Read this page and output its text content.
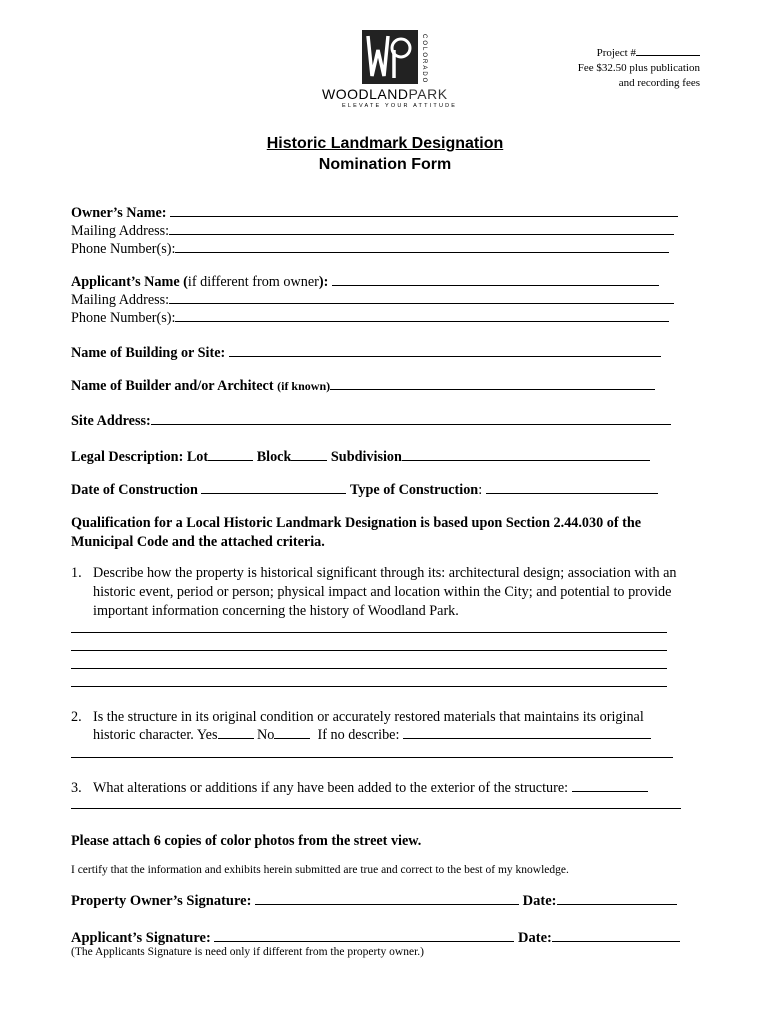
COLORADO
WOODLANDPARK
ELEVATE YOUR ATTITUDE
Project #
Fee $32.50 plus publication
and recording fees
Historic Landmark Designation
Nomination Form
Owner’s Name:
Mailing Address:
Phone Number(s):
Applicant’s Name (if different from owner):
Mailing Address:
Phone Number(s):
Name of Building or Site:
Name of Builder and/or Architect (if known)
Site Address:
Legal Description: Lot	Block	Subdivision
Date of Construction	Type of Construction:
Qualification for a Local Historic Landmark Designation is based upon Section 2.44.030 of the Municipal Code and the attached criteria.
1. Describe how the property is historical significant through its: architectural design; association with an historic event, period or person; physical impact and location within the City; and potential to provide important information concerning the history of Woodland Park.
2. Is the structure in its original condition or accurately restored materials that maintains its original
historic character. Yes	No	If no describe:
3. What alterations or additions if any have been added to the exterior of the structure:
Please attach 6 copies of color photos from the street view.
I certify that the information and exhibits herein submitted are true and correct to the best of my knowledge.
Property Owner’s Signature:	Date:
Applicant’s Signature:	Date:
(The Applicants Signature is need only if different from the property owner.)
